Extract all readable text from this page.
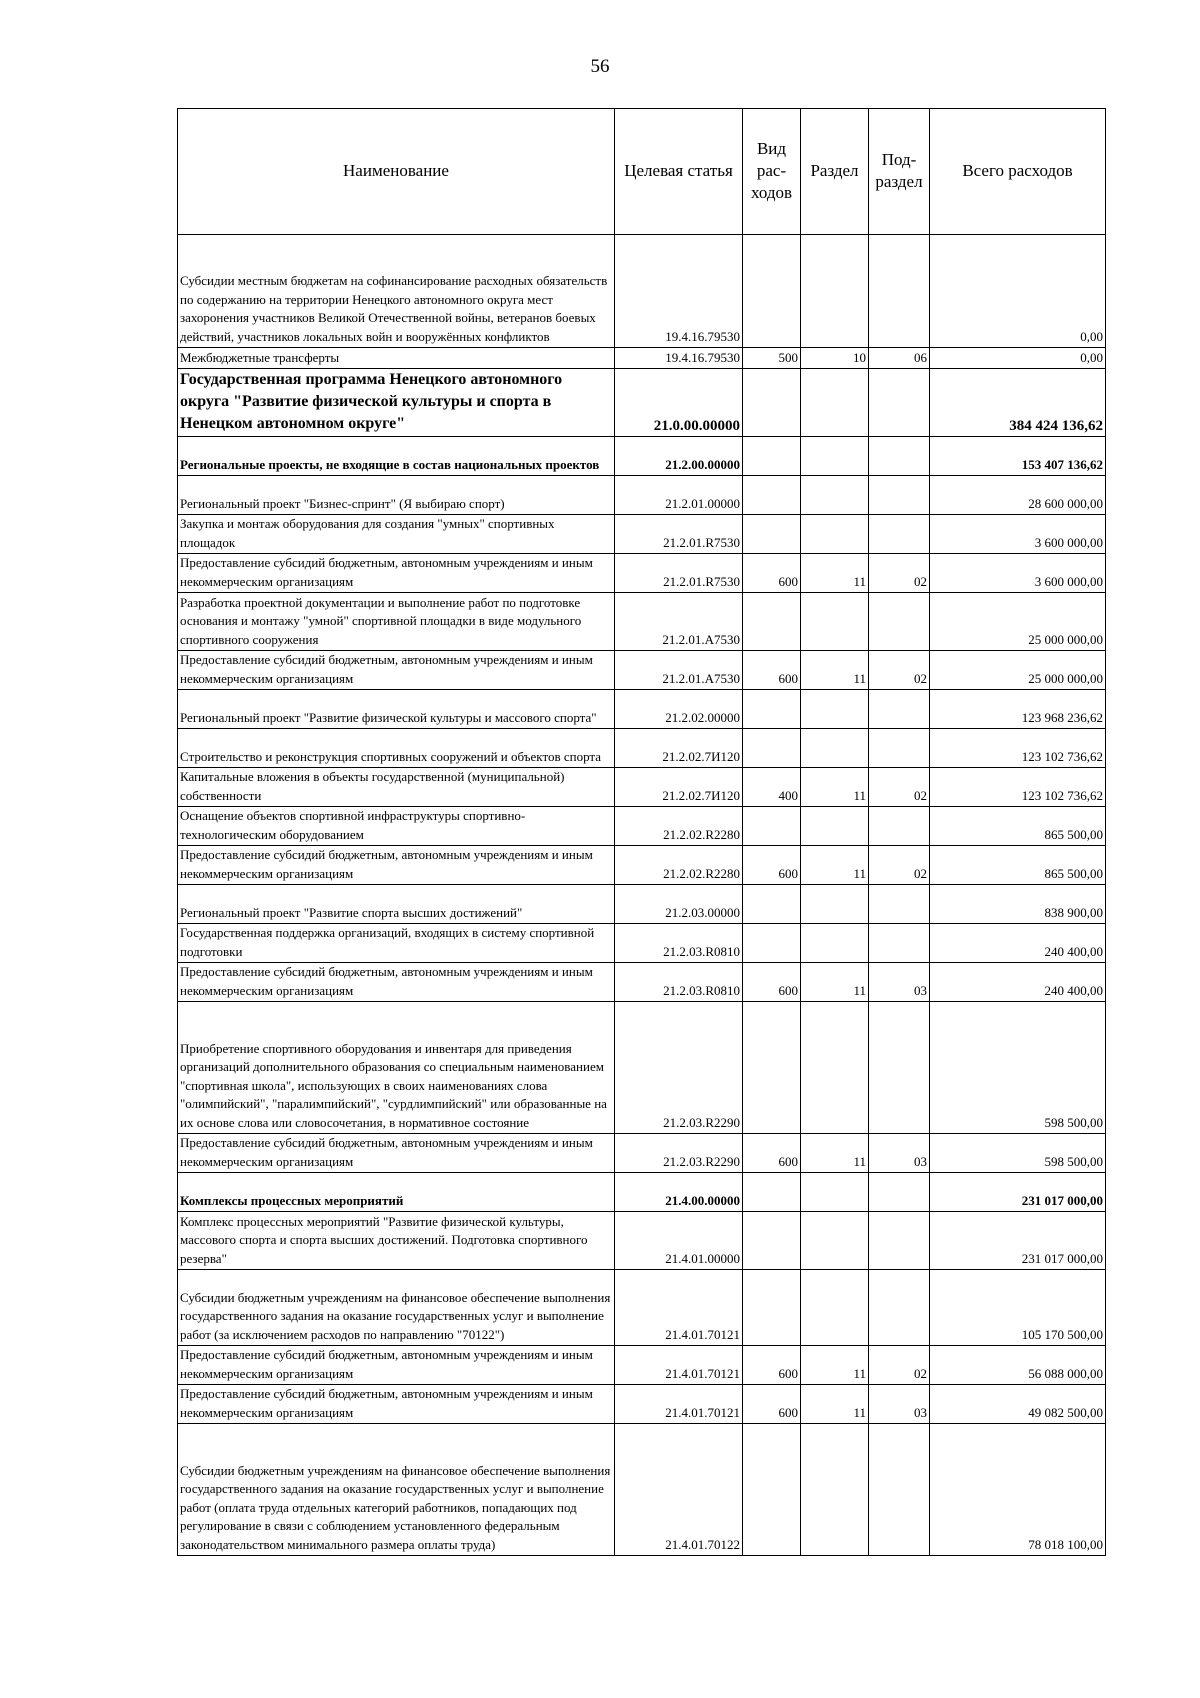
56
Наименование	Целевая статья	Вид рас-ходов	Раздел	Под-раздел	Всего расходов
Субсидии местным бюджетам на софинансирование расходных обязательств по содержанию на территории Ненецкого автономного округа мест захоронения участников Великой Отечественной войны, ветеранов боевых действий, участников локальных войн и вооружённых конфликтов	19.4.16.79530				0,00
Межбюджетные трансферты	19.4.16.79530	500	10	06	0,00
Государственная программа Ненецкого автономного округа "Развитие физической культуры и спорта в Ненецком автономном округе"	21.0.00.00000				384 424 136,62
Региональные проекты, не входящие в состав национальных проектов	21.2.00.00000				153 407 136,62
Региональный проект "Бизнес-спринт" (Я выбираю спорт)	21.2.01.00000				28 600 000,00
Закупка и монтаж оборудования для создания "умных" спортивных площадок	21.2.01.R7530				3 600 000,00
Предоставление субсидий бюджетным, автономным учреждениям и иным некоммерческим организациям	21.2.01.R7530	600	11	02	3 600 000,00
Разработка проектной документации и выполнение работ по подготовке основания и монтажу "умной" спортивной площадки в виде модульного спортивного сооружения	21.2.01.А7530				25 000 000,00
Предоставление субсидий бюджетным, автономным учреждениям и иным некоммерческим организациям	21.2.01.А7530	600	11	02	25 000 000,00
Региональный проект "Развитие физической культуры и массового спорта"	21.2.02.00000				123 968 236,62
Строительство и реконструкция спортивных сооружений и объектов спорта	21.2.02.7И120				123 102 736,62
Капитальные вложения в объекты государственной (муниципальной) собственности	21.2.02.7И120	400	11	02	123 102 736,62
Оснащение объектов спортивной инфраструктуры спортивно-технологическим оборудованием	21.2.02.R2280				865 500,00
Предоставление субсидий бюджетным, автономным учреждениям и иным некоммерческим организациям	21.2.02.R2280	600	11	02	865 500,00
Региональный проект "Развитие спорта высших достижений"	21.2.03.00000				838 900,00
Государственная поддержка организаций, входящих в систему спортивной подготовки	21.2.03.R0810				240 400,00
Предоставление субсидий бюджетным, автономным учреждениям и иным некоммерческим организациям	21.2.03.R0810	600	11	03	240 400,00
Приобретение спортивного оборудования и инвентаря для приведения организаций дополнительного образования со специальным наименованием "спортивная школа", использующих в своих наименованиях слова "олимпийский", "паралимпийский", "сурдлимпийский" или образованные на их основе слова или словосочетания, в нормативное состояние	21.2.03.R2290				598 500,00
Предоставление субсидий бюджетным, автономным учреждениям и иным некоммерческим организациям	21.2.03.R2290	600	11	03	598 500,00
Комплексы процессных мероприятий	21.4.00.00000				231 017 000,00
Комплекс процессных мероприятий "Развитие физической культуры, массового спорта и спорта высших достижений. Подготовка спортивного резерва"	21.4.01.00000				231 017 000,00
Субсидии бюджетным учреждениям на финансовое обеспечение выполнения государственного задания на оказание государственных услуг и выполнение работ (за исключением расходов по направлению "70122")	21.4.01.70121				105 170 500,00
Предоставление субсидий бюджетным, автономным учреждениям и иным некоммерческим организациям	21.4.01.70121	600	11	02	56 088 000,00
Предоставление субсидий бюджетным, автономным учреждениям и иным некоммерческим организациям	21.4.01.70121	600	11	03	49 082 500,00
Субсидии бюджетным учреждениям на финансовое обеспечение выполнения государственного задания на оказание государственных услуг и выполнение работ (оплата труда отдельных категорий работников, попадающих под регулирование в связи с соблюдением установленного федеральным законодательством минимального размера оплаты труда)	21.4.01.70122				78 018 100,00
